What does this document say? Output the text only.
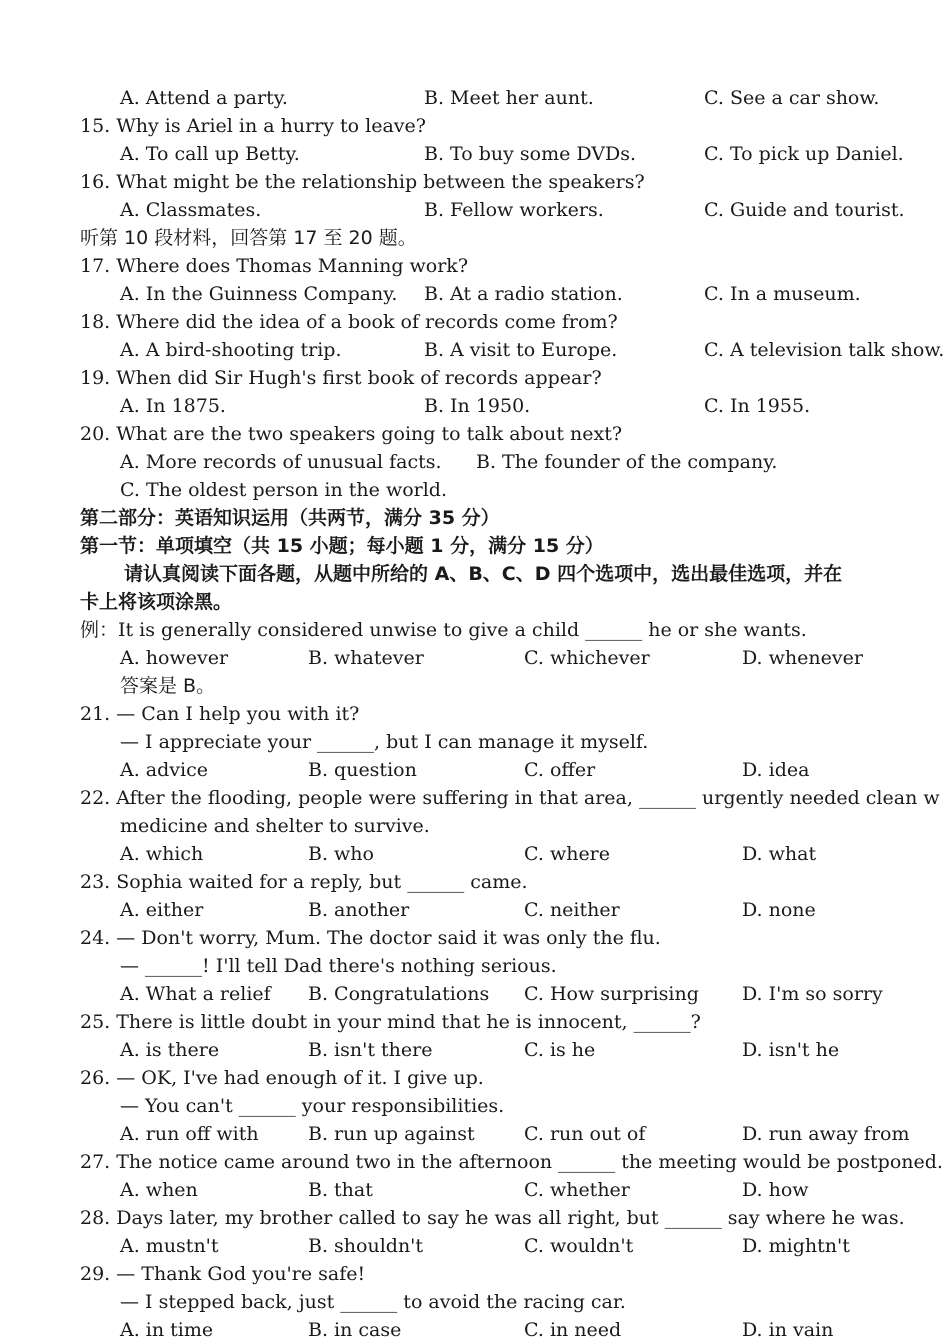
A. Attend a party.	B. Meet her aunt.	C. See a car show.
15. Why is Ariel in a hurry to leave?
A. To call up Betty.	B. To buy some DVDs.	C. To pick up Daniel.
16. What might be the relationship between the speakers?
A. Classmates.	B. Fellow workers.	C. Guide and tourist.
听第 10 段材料，回答第 17 至 20 题。
17. Where does Thomas Manning work?
A. In the Guinness Company. B. At a radio station.	C. In a museum.
18. Where did the idea of a book of records come from?
A. A bird-shooting trip.	B. A visit to Europe.	C. A television talk show.
19. When did Sir Hugh's first book of records appear?
A. In 1875.	B. In 1950.	C. In 1955.
20. What are the two speakers going to talk about next?
A. More records of unusual facts. B. The founder of the company.
C. The oldest person in the world.
第二部分：英语知识运用（共两节，满分 35 分）
第一节：单项填空（共 15 小题；每小题 1 分，满分 15 分）
请认真阅读下面各题，从题中所给的 A、B、C、D 四个选项中，选出最佳选项，并在
卡上将该项涂黑。
例：It is generally considered unwise to give a child ______ he or she wants.
A. however	B. whatever	C. whichever	D. whenever
答案是 B。
21. — Can I help you with it?
— I appreciate your ______, but I can manage it myself.
A. advice	B. question	C. offer	D. idea
22. After the flooding, people were suffering in that area, ______ urgently needed clean w
medicine and shelter to survive.
A. which	B. who	C. where	D. what
23. Sophia waited for a reply, but ______ came.
A. either	B. another	C. neither	D. none
24. — Don't worry, Mum. The doctor said it was only the flu.
— ______! I'll tell Dad there's nothing serious.
A. What a relief B. Congratulations C. How surprising D. I'm so sorry
25. There is little doubt in your mind that he is innocent, ______?
A. is there	B. isn't there	C. is he	D. isn't he
26. — OK, I've had enough of it. I give up.
— You can't ______ your responsibilities.
A. run off with	B. run up against	C. run out of	D. run away from
27. The notice came around two in the afternoon ______ the meeting would be postponed.
A. when	B. that	C. whether	D. how
28. Days later, my brother called to say he was all right, but ______ say where he was.
A. mustn't	B. shouldn't	C. wouldn't	D. mightn't
29. — Thank God you're safe!
— I stepped back, just ______ to avoid the racing car.
A. in time	B. in case	C. in need	D. in vain
